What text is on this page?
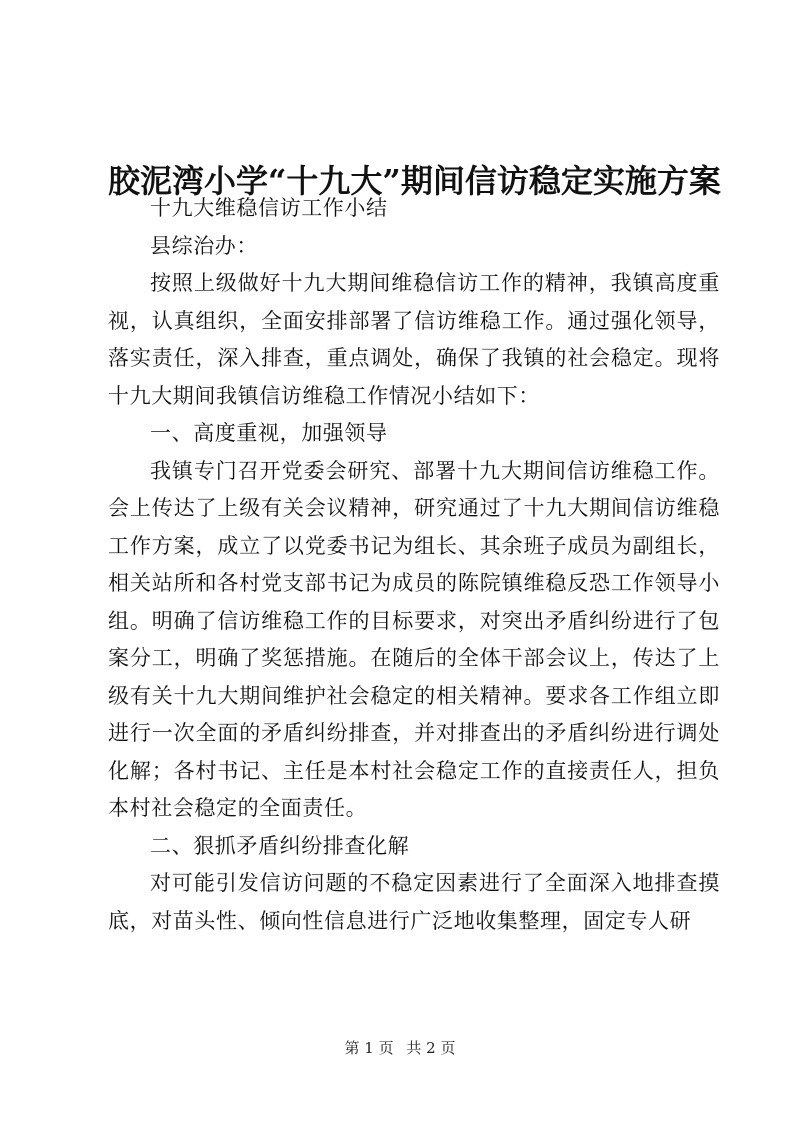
胶泥湾小学“十九大”期间信访稳定实施方案

十九大维稳信访工作小结

县综治办：

按照上级做好十九大期间维稳信访工作的精神，我镇高度重视，认真组织，全面安排部署了信访维稳工作。通过强化领导，落实责任，深入排查，重点调处，确保了我镇的社会稳定。现将十九大期间我镇信访维稳工作情况小结如下：

一、高度重视，加强领导

我镇专门召开党委会研究、部署十九大期间信访维稳工作。会上传达了上级有关会议精神，研究通过了十九大期间信访维稳工作方案，成立了以党委书记为组长、其余班子成员为副组长，相关站所和各村党支部书记为成员的陈院镇维稳反恐工作领导小组。明确了信访维稳工作的目标要求，对突出矛盾纠纷进行了包案分工，明确了奖惩措施。在随后的全体干部会议上，传达了上级有关十九大期间维护社会稳定的相关精神。要求各工作组立即进行一次全面的矛盾纠纷排查，并对排查出的矛盾纠纷进行调处化解；各村书记、主任是本村社会稳定工作的直接责任人，担负本村社会稳定的全面责任。

二、狠抓矛盾纠纷排查化解

对可能引发信访问题的不稳定因素进行了全面深入地排查摸底，对苗头性、倾向性信息进行广泛地收集整理，固定专人研

第 1 页 共 2 页
